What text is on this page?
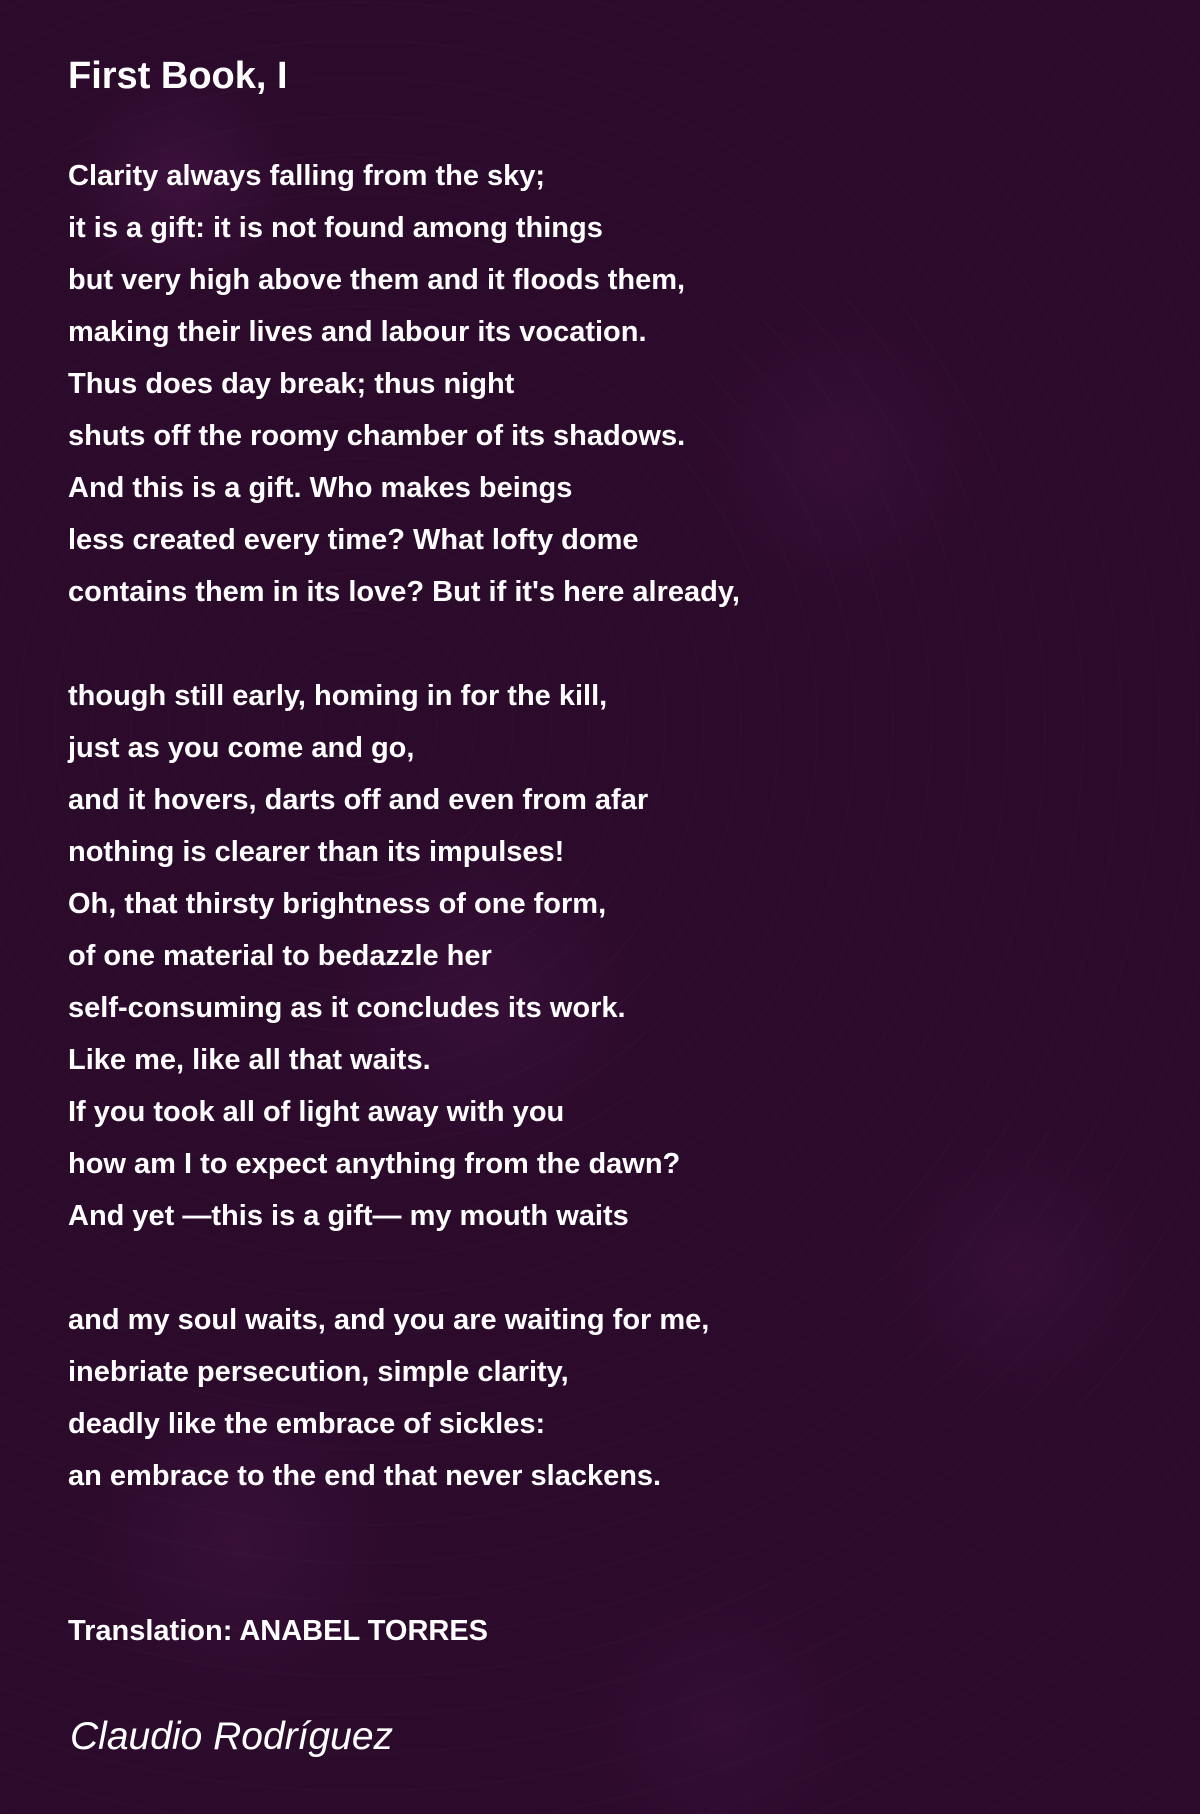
First Book, I
Clarity always falling from the sky;
it is a gift: it is not found among things
but very high above them and it floods them,
making their lives and labour its vocation.
Thus does day break; thus night
shuts off the roomy chamber of its shadows.
And this is a gift. Who makes beings
less created every time? What lofty dome
contains them in its love? But if it's here already,
though still early, homing in for the kill,
just as you come and go,
and it hovers, darts off and even from afar
nothing is clearer than its impulses!
Oh, that thirsty brightness of one form,
of one material to bedazzle her
self-consuming as it concludes its work.
Like me, like all that waits.
If you took all of light away with you
how am I to expect anything from the dawn?
And yet —this is a gift— my mouth waits
and my soul waits, and you are waiting for me,
inebriate persecution, simple clarity,
deadly like the embrace of sickles:
an embrace to the end that never slackens.
Translation: ANABEL TORRES
Claudio Rodríguez
